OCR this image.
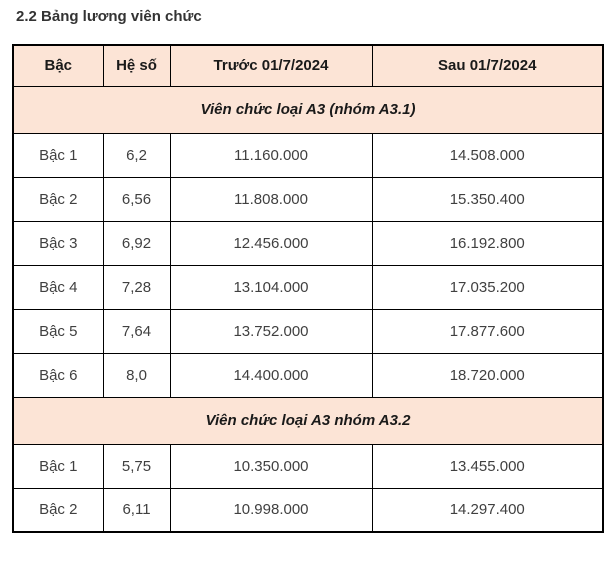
2.2 Bảng lương viên chức
Bậc	Hệ số	Trước 01/7/2024	Sau 01/7/2024
Viên chức loại A3 (nhóm A3.1)			
Bậc 1	6,2	11.160.000	14.508.000
Bậc 2	6,56	11.808.000	15.350.400
Bậc 3	6,92	12.456.000	16.192.800
Bậc 4	7,28	13.104.000	17.035.200
Bậc 5	7,64	13.752.000	17.877.600
Bậc 6	8,0	14.400.000	18.720.000
Viên chức loại A3 nhóm A3.2			
Bậc 1	5,75	10.350.000	13.455.000
Bậc 2	6,11	10.998.000	14.297.400
